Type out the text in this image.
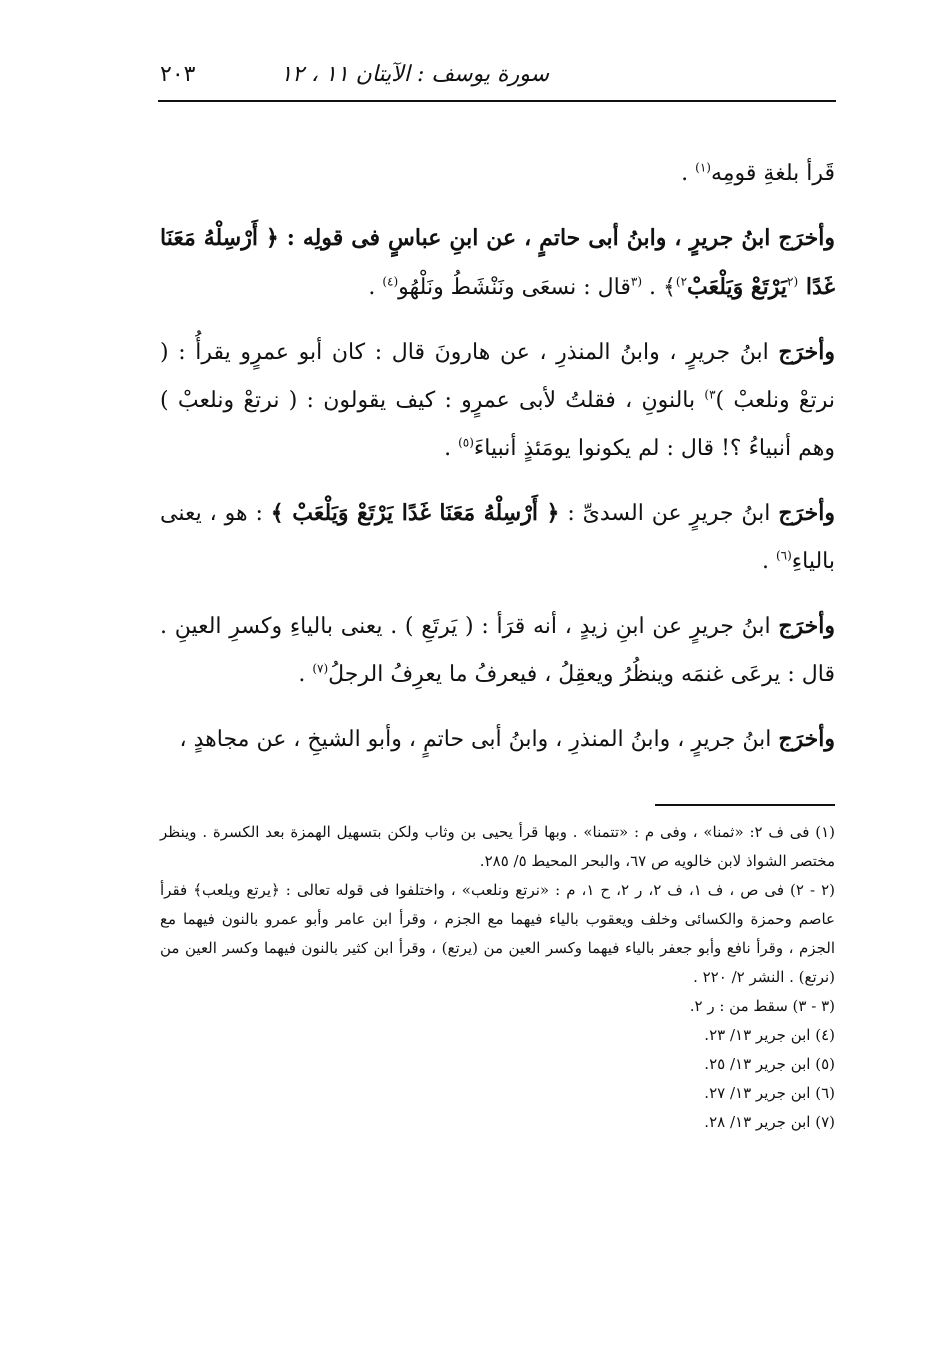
سورة يوسف : الآيتان ١١ ، ١٢
٢٠٣

قَرأ بلغةِ قومِه$^{(١)}$ .

وأخرَج ابنُ جريرٍ ، وابنُ أبى حاتمٍ ، عن ابنِ عباسٍ فى قولِه : ﴿ أَرْسِلْهُ مَعَنَا غَدًا $^{(٢}$يَرْتَعْ وَيَلْعَبْ$^{٢)}$﴾ . $^{(٣}$قال : نسعَى ونَنْشَطُ ونَلْهُو$^{(٤)}$ .

وأخرَج ابنُ جريرٍ ، وابنُ المنذرِ ، عن هارونَ قال : كان أبو عمرٍو يقرأُ : ( نرتعْ ونلعبْ )$^{٣)}$ بالنونِ ، فقلتُ لأبى عمرٍو : كيف يقولون : ( نرتعْ ونلعبْ ) وهم أنبياءُ ؟! قال : لم يكونوا يومَئذٍ أنبياءَ$^{(٥)}$ .

وأخرَج ابنُ جريرٍ عن السدىِّ : ﴿ أَرْسِلْهُ مَعَنَا غَدًا يَرْتَعْ وَيَلْعَبْ ﴾ : هو ، يعنى بالياءِ$^{(٦)}$ .

وأخرَج ابنُ جريرٍ عن ابنِ زيدٍ ، أنه قرَأ : ( يَرتَعِ ) . يعنى بالياءِ وكسرِ العينِ . قال : يرعَى غنمَه وينظُرُ ويعقِلُ ، فيعرفُ ما يعرِفُ الرجلُ$^{(٧)}$ .

وأخرَج ابنُ جريرٍ ، وابنُ المنذرِ ، وابنُ أبى حاتمٍ ، وأبو الشيخِ ، عن مجاهدٍ ،

(١) فى ف ٢: «ثمنا» ، وفى م : «تتمنا» . وبها قرأ يحيى بن وثاب ولكن بتسهيل الهمزة بعد الكسرة . وينظر مختصر الشواذ لابن خالويه ص ٦٧، والبحر المحيط ٥/ ٢٨٥.

(٢ - ٢) فى ص ، ف ١، ف ٢، ر ٢، ح ١، م : «نرتع ونلعب» ، واختلفوا فى قوله تعالى : ﴿يرتع ويلعب﴾ فقرأ عاصم وحمزة والكسائى وخلف ويعقوب بالياء فيهما مع الجزم ، وقرأ ابن عامر وأبو عمرو بالنون فيهما مع الجزم ، وقرأ نافع وأبو جعفر بالياء فيهما وكسر العين من (يرتع) ، وقرأ ابن كثير بالنون فيهما وكسر العين من (نرتع) . النشر ٢/ ٢٢٠ .

(٣ - ٣) سقط من : ر ٢.

(٤) ابن جرير ١٣/ ٢٣.

(٥) ابن جرير ١٣/ ٢٥.

(٦) ابن جرير ١٣/ ٢٧.

(٧) ابن جرير ١٣/ ٢٨.
